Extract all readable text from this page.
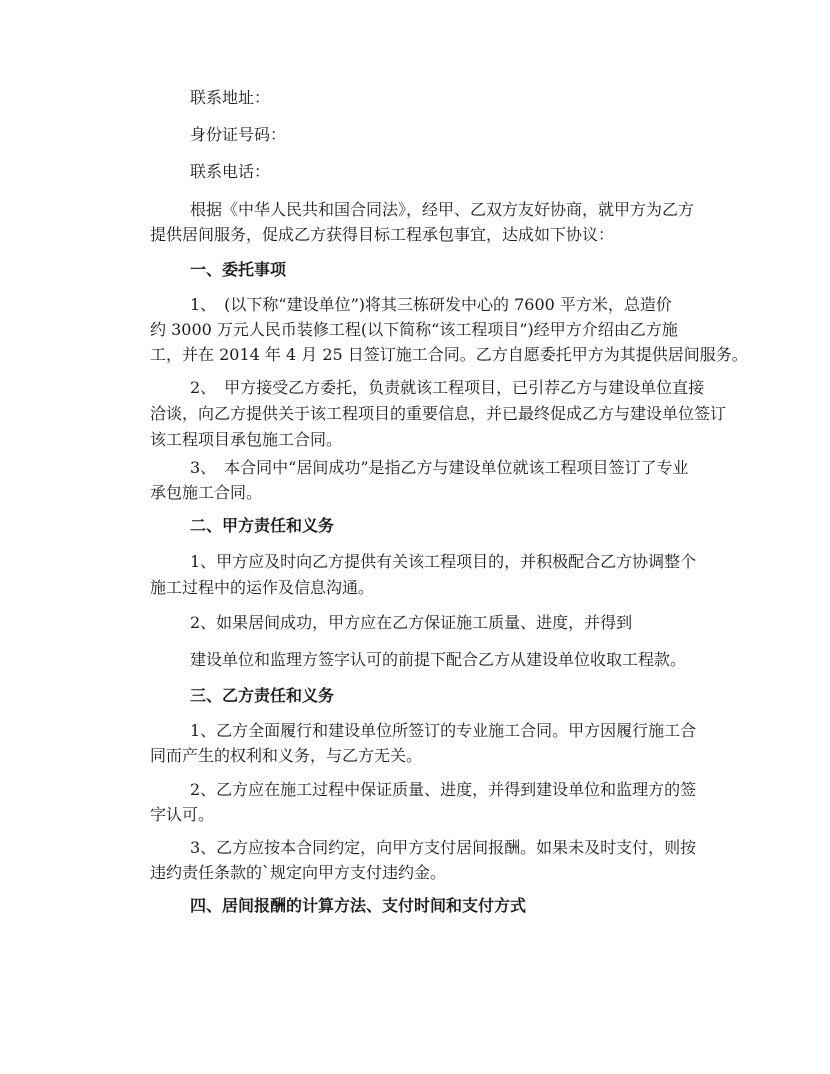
联系地址：

身份证号码：

联系电话：

根据《中华人民共和国合同法》，经甲、乙双方友好协商，就甲方为乙方

提供居间服务，促成乙方获得目标工程承包事宜，达成如下协议：

一、委托事项

1、　(以下称“建设单位”)将其三栋研发中心的 7600 平方米，总造价

约 3000 万元人民币装修工程(以下简称“该工程项目”)经甲方介绍由乙方施

工，并在 2014 年 4 月 25 日签订施工合同。乙方自愿委托甲方为其提供居间服务。

2、　甲方接受乙方委托，负责就该工程项目，已引荐乙方与建设单位直接

洽谈，向乙方提供关于该工程项目的重要信息，并已最终促成乙方与建设单位签订

该工程项目承包施工合同。

3、　本合同中“居间成功”是指乙方与建设单位就该工程项目签订了专业

承包施工合同。

二、甲方责任和义务

1、甲方应及时向乙方提供有关该工程项目的，并积极配合乙方协调整个

施工过程中的运作及信息沟通。

2、如果居间成功，甲方应在乙方保证施工质量、进度，并得到

建设单位和监理方签字认可的前提下配合乙方从建设单位收取工程款。

三、乙方责任和义务

1、乙方全面履行和建设单位所签订的专业施工合同。甲方因履行施工合

同而产生的权利和义务，与乙方无关。

2、乙方应在施工过程中保证质量、进度，并得到建设单位和监理方的签

字认可。

3、乙方应按本合同约定，向甲方支付居间报酬。如果未及时支付，则按

违约责任条款的`规定向甲方支付违约金。

四、居间报酬的计算方法、支付时间和支付方式
